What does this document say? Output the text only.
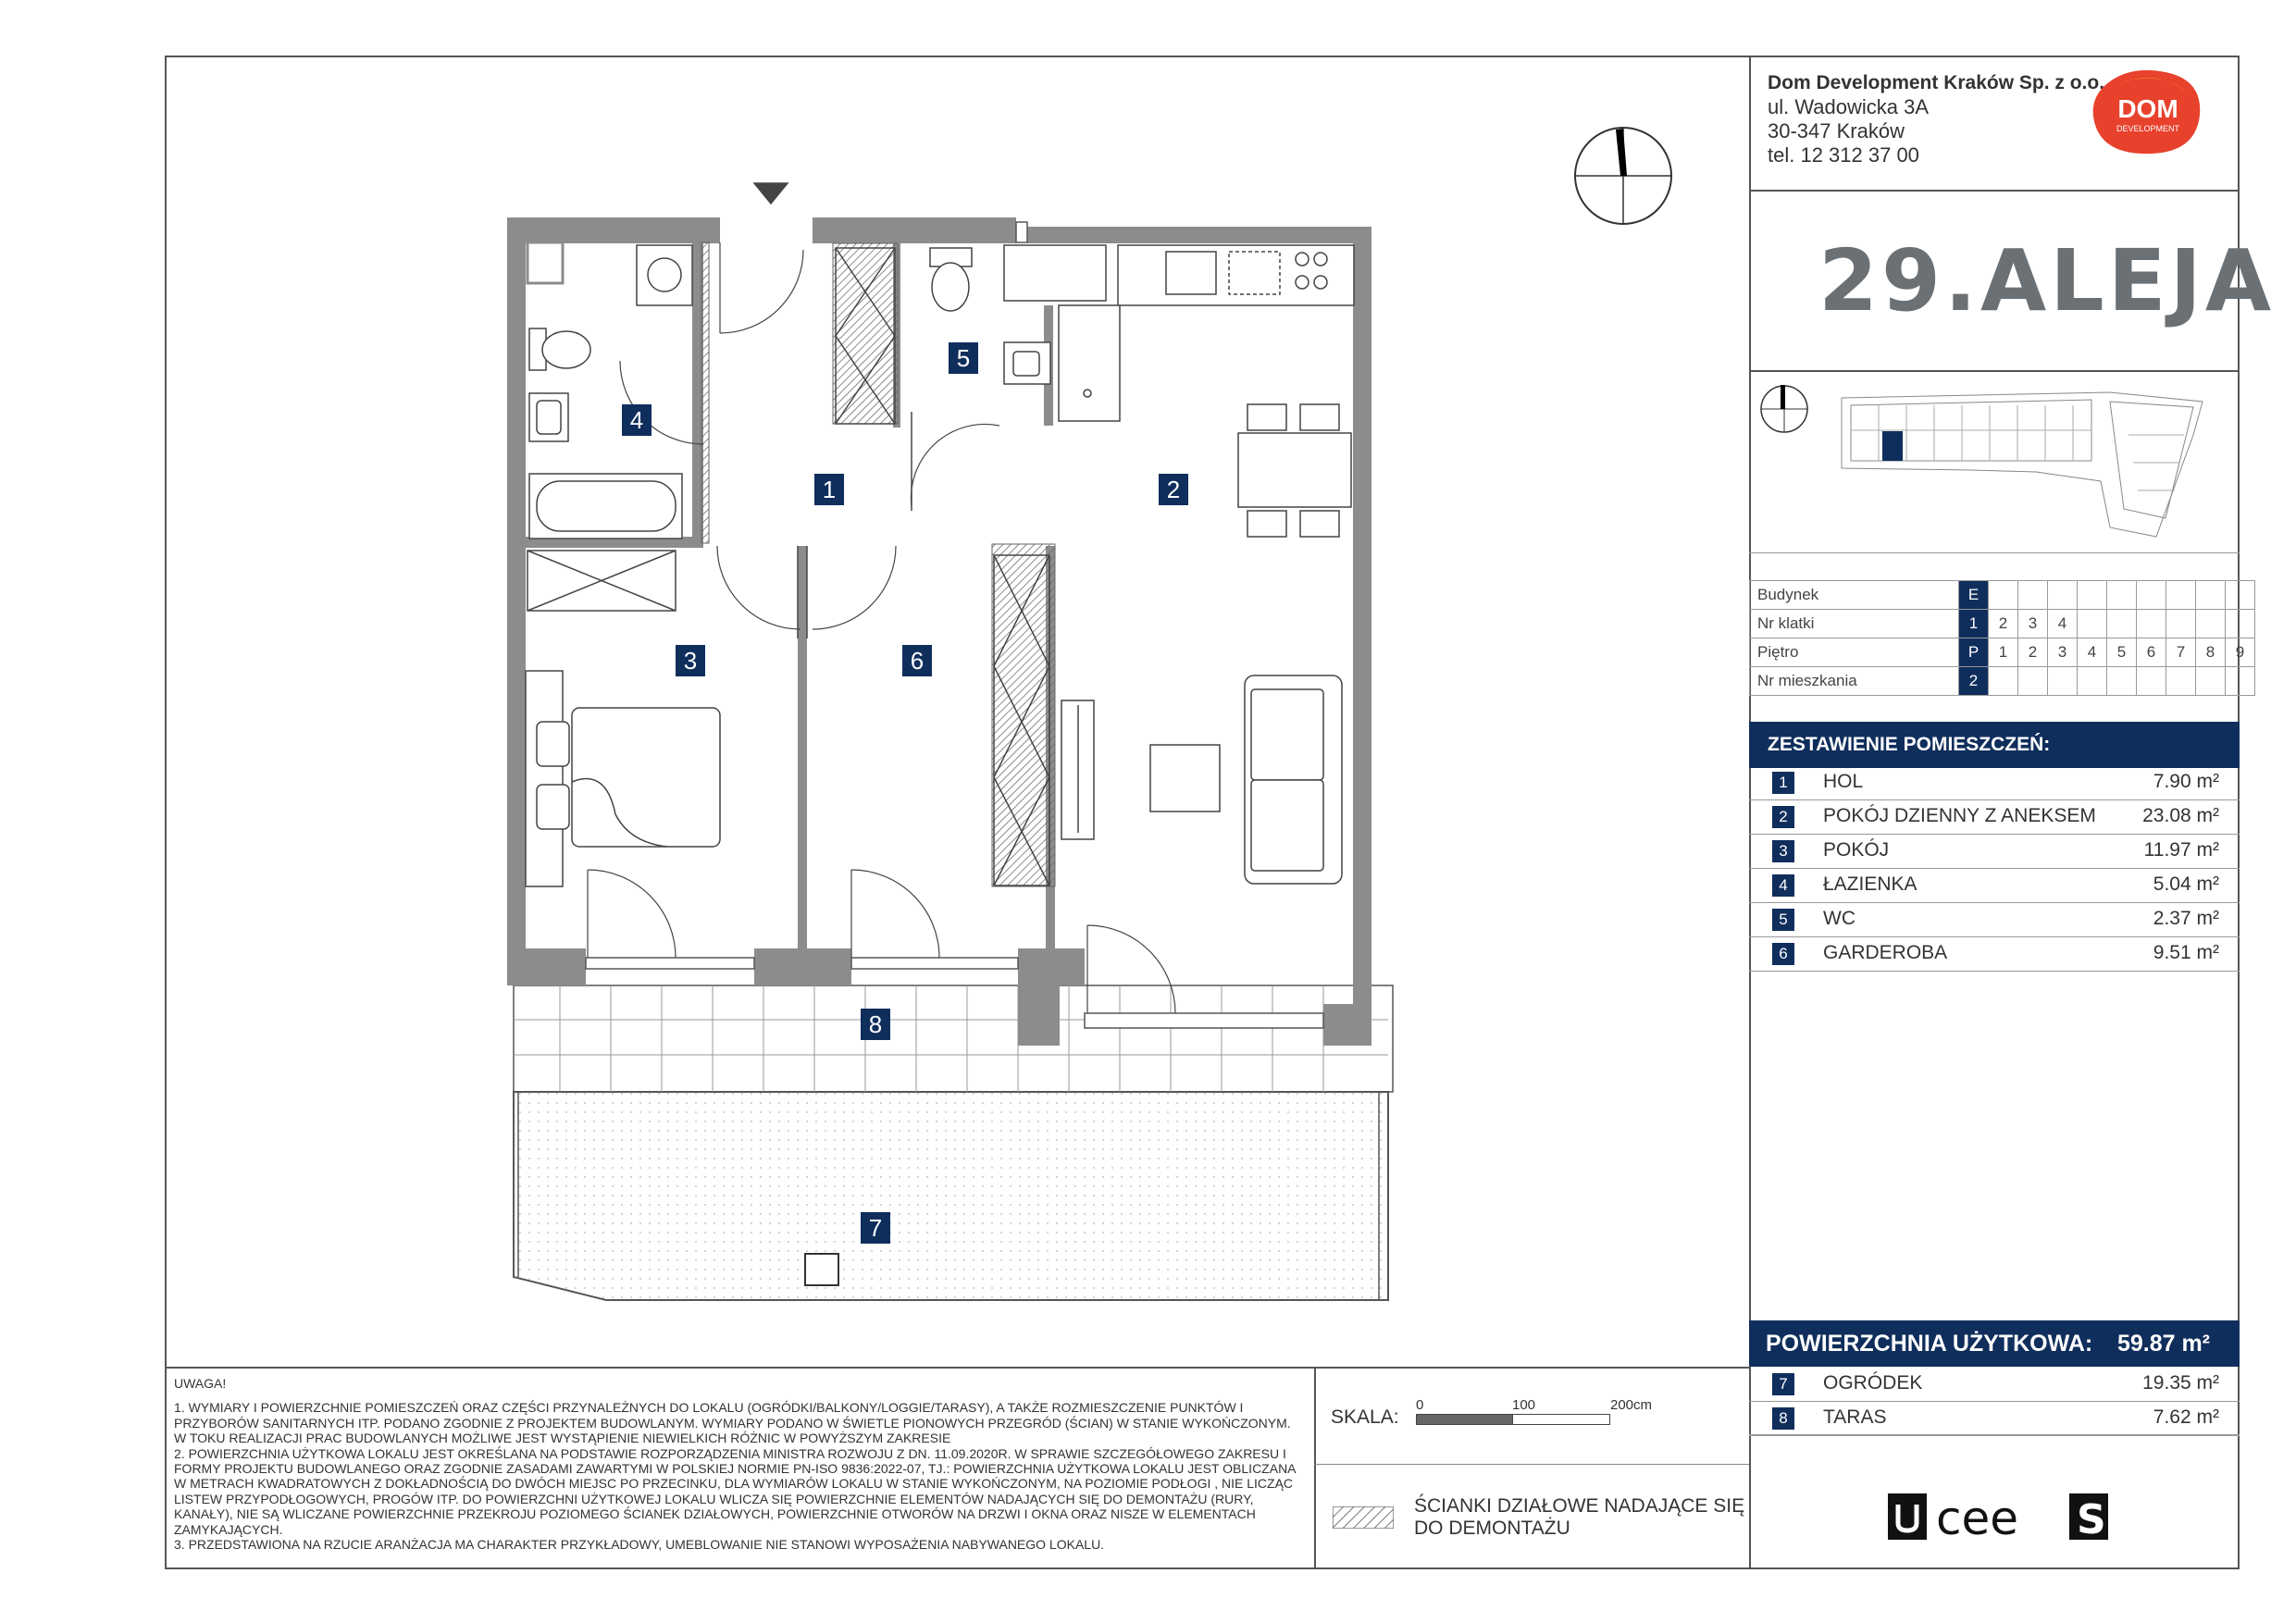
Dom Development Kraków Sp. z o.o.
ul. Wadowicka 3A
30-347 Kraków
tel. 12 312 37 00
DOM
DEVELOPMENT
29.ALEJA
Budynek	E									
Nr klatki	1	2	3	4						
Piętro	P	1	2	3	4	5	6	7	8	9
Nr mieszkania	2									
ZESTAWIENIE POMIESZCZEŃ:
1	HOL	7.90 m²
2	POKÓJ DZIENNY Z ANEKSEM 23.08 m²
3	POKÓJ	11.97 m²
4	ŁAZIENKA	5.04 m²
5	WC	2.37 m²
6	GARDEROBA	9.51 m²
POWIERZCHNIA UŻYTKOWA: 59.87 m²
7	OGRÓDEK	19.35 m²
8	TARAS	7.62 m²
cee S

UWAGA!

1. WYMIARY I POWIERZCHNIE POMIESZCZEŃ ORAZ CZĘŚCI PRZYNALEŻNYCH DO LOKALU (OGRÓDKI/BALKONY/LOGGIE/TARASY), A TAKŻE ROZMIESZCZENIE PUNKTÓW I PRZYBORÓW SANITARNYCH ITP. PODANO ZGODNIE Z PROJEKTEM BUDOWLANYM. WYMIARY PODANO W ŚWIETLE PIONOWYCH PRZEGRÓD (ŚCIAN) W STANIE WYKOŃCZONYM. W TOKU REALIZACJI PRAC BUDOWLANYCH MOŻLIWE JEST WYSTĄPIENIE NIEWIELKICH RÓŻNIC W POWYŻSZYM ZAKRESIE

2. POWIERZCHNIA UŻYTKOWA LOKALU JEST OKREŚLANA NA PODSTAWIE ROZPORZĄDZENIA MINISTRA ROZWOJU Z DN. 11.09.2020R. W SPRAWIE SZCZEGÓŁOWEGO ZAKRESU I FORMY PROJEKTU BUDOWLANEGO ORAZ ZGODNIE ZASADAMI ZAWARTYMI W POLSKIEJ NORMIE PN-ISO 9836:2022-07, TJ.: POWIERZCHNIA UŻYTKOWA LOKALU JEST OBLICZANA W METRACH KWADRATOWYCH Z DOKŁADNOŚCIĄ DO DWÓCH MIEJSC PO PRZECINKU, DLA WYMIARÓW LOKALU W STANIE WYKOŃCZONYM, NA POZIOMIE PODŁOGI , NIE LICZĄC LISTEW PRZYPODŁOGOWYCH, PROGÓW ITP. DO POWIERZCHNI UŻYTKOWEJ LOKALU WLICZA SIĘ POWIERZCHNIE ELEMENTÓW NADAJĄCYCH SIĘ DO DEMONTAŻU (RURY, KANAŁY), NIE SĄ WLICZANE POWIERZCHNIE PRZEKROJU POZIOMEGO ŚCIANEK DZIAŁOWYCH, POWIERZCHNIE OTWORÓW NA DRZWI I OKNA ORAZ NISZE W ELEMENTACH ZAMYKAJĄCYCH.

3. PRZEDSTAWIONA NA RZUCIE ARANŻACJA MA CHARAKTER PRZYKŁADOWY, UMEBLOWANIE NIE STANOWI WYPOSAŻENIA NABYWANEGO LOKALU.

SKALA:
0	100	200cm
ŚCIANKI DZIAŁOWE NADAJĄCE SIĘ
DO DEMONTAŻU
1	2
3
4
5
6
7
8
